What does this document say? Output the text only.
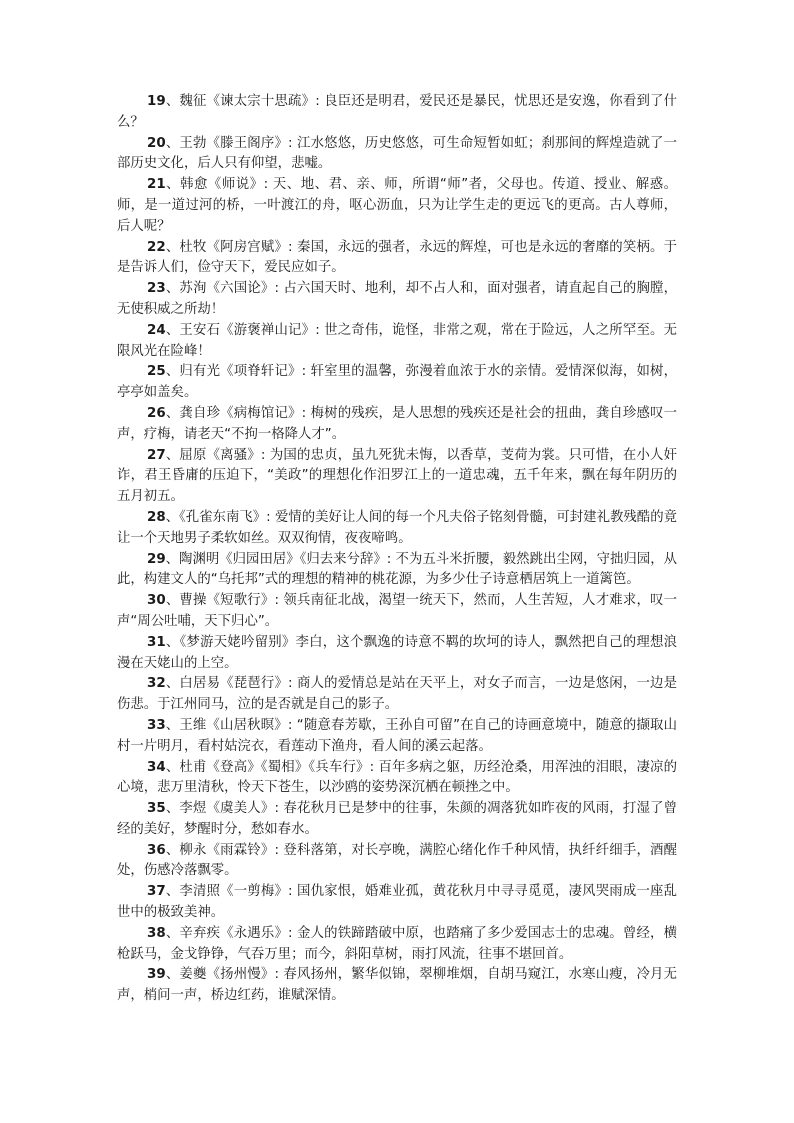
19、魏征《谏太宗十思疏》: 良臣还是明君，爱民还是暴民，忧思还是安逸，你看到了什么？

20、王勃《滕王阁序》: 江水悠悠，历史悠悠，可生命短暂如虹；刹那间的辉煌造就了一部历史文化，后人只有仰望，悲嘘。

21、韩愈《师说》: 天、地、君、亲、师，所谓“师”者，父母也。传道、授业、解惑。师，是一道过河的桥，一叶渡江的舟，呕心沥血，只为让学生走的更远飞的更高。古人尊师，后人呢？

22、杜牧《阿房宫赋》: 秦国，永远的强者，永远的辉煌，可也是永远的奢靡的笑柄。于是告诉人们，俭守天下，爱民应如子。

23、苏洵《六国论》: 占六国天时、地利，却不占人和，面对强者，请直起自己的胸膛，无使积威之所劫！

24、王安石《游褒禅山记》: 世之奇伟，诡怪，非常之观，常在于险远，人之所罕至。无限风光在险峰！

25、归有光《项脊轩记》: 轩室里的温馨，弥漫着血浓于水的亲情。爱情深似海，如树，亭亭如盖矣。

26、龚自珍《病梅馆记》: 梅树的残疾，是人思想的残疾还是社会的扭曲，龚自珍感叹一声，疗梅，请老天“不拘一格降人才”。

27、屈原《离骚》: 为国的忠贞，虽九死犹未悔，以香草，芰荷为裳。只可惜，在小人奸诈，君王昏庸的压迫下，“美政”的理想化作汨罗江上的一道忠魂，五千年来，飘在每年阴历的五月初五。

28、《孔雀东南飞》: 爱情的美好让人间的每一个凡夫俗子铭刻骨髓，可封建礼教残酷的竟让一个天地男子柔软如丝。双双徇情，夜夜啼鸣。

29、陶渊明《归园田居》《归去来兮辞》: 不为五斗米折腰，毅然跳出尘网，守拙归园，从此，构建文人的“乌托邦”式的理想的精神的桃花源，为多少仕子诗意栖居筑上一道篱笆。

30、曹操《短歌行》: 领兵南征北战，渴望一统天下，然而，人生苦短，人才难求，叹一声“周公吐哺，天下归心”。

31、《梦游天姥吟留别》李白，这个飘逸的诗意不羁的坎坷的诗人，飘然把自己的理想浪漫在天姥山的上空。

32、白居易《琵琶行》: 商人的爱情总是站在天平上，对女子而言，一边是悠闲，一边是伤悲。于江州同马，泣的是否就是自己的影子。

33、王维《山居秋暝》: “随意春芳歇，王孙自可留”在自己的诗画意境中，随意的撷取山村一片明月，看村姑浣衣，看莲动下渔舟，看人间的溪云起落。

34、杜甫《登高》《蜀相》《兵车行》: 百年多病之躯，历经沧桑，用浑浊的泪眼，凄凉的心境，悲万里清秋，怜天下苍生，以沙鸥的姿势深沉栖在顿挫之中。

35、李煜《虞美人》: 春花秋月已是梦中的往事，朱颜的凋落犹如昨夜的风雨，打湿了曾经的美好，梦醒时分，愁如春水。

36、柳永《雨霖铃》: 登科落第，对长亭晚，满腔心绪化作千种风情，执纤纤细手，酒醒处，伤感冷落飘零。

37、李清照《一剪梅》: 国仇家恨，婚难业孤，黄花秋月中寻寻觅觅，凄风哭雨成一座乱世中的极致美神。

38、辛弃疾《永遇乐》: 金人的铁蹄踏破中原，也踏痛了多少爱国志士的忠魂。曾经，横枪跃马，金戈铮铮，气吞万里；而今，斜阳草树，雨打风流，往事不堪回首。

39、姜夔《扬州慢》: 春风扬州，繁华似锦，翠柳堆烟，自胡马窥江，水寒山瘦，冷月无声，梢问一声，桥边红药，谁赋深情。
